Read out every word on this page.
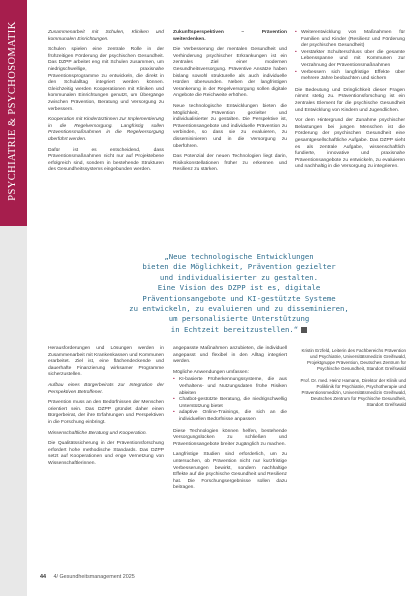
PSYCHIATRIE & PSYCHOSOMATIK	Zusammenarbeit mit Schulen, Kliniken und kommunalen Einrichtungen.

Schulen spielen eine zentrale Rolle in der frühzeitigen Förderung der psychischen Gesundheit. Das DZPP arbeitet eng mit Schulen zusammen, um niedrigschwellige, praxisnahe Präventionsprogramme zu entwickeln, die direkt in den Schulalltag integriert werden können. Gleichzeitig werden Kooperationen mit Kliniken und kommunalen Einrichtungen genutzt, um Übergänge zwischen Prävention, Beratung und Versorgung zu verbessern.

Kooperation mit Kinderärztinnen zur Implementierung in die Regelversorgung. Langfristig sollen Präventionsmaßnahmen in die Regelversorgung überführt werden.

Dafür ist es entscheidend, dass Präventionsmaßnahmen nicht nur auf Projektebene erfolgreich sind, sondern in bestehende Strukturen des Gesundheitssystems eingebunden werden.

Zukunftsperspektiven – Prävention weiterdenken.

Die Verbesserung der mentalen Gesundheit und Verhinderung psychischer Erkrankungen ist ein zentrales Ziel einer modernen Gesundheitsversorgung. Präventive Ansätze haben bislang sowohl strukturelle als auch individuelle Hürden überwunden. Neben der langfristigen Verankerung in der Regelversorgung sollen digitale Angebote die Reichweite erhöhen.

Neue technologische Entwicklungen bieten die Möglichkeit, Prävention gezielter und individualisierter zu gestalten. Die Perspektive ist, Präventionsangebote und individuelle Prävention zu verbinden, so dass sie zu evaluieren, zu dissemininieren und in die Versorgung zu überführen.

Das Potenzial der neuen Technologien liegt darin, Risikokonstellationen früher zu erkennen und Resilienz zu stärken.

• Weiterentwicklung von Maßnahmen für Familien und Kinder (Resilienz und Förderung der psychischen Gesundheit)
• Verstärkter Schulterschluss über die gesamte Lebensspanne und mit Kommunen zur Verzahnung der Präventionsmaßnahmen
• Verbessern sich langfristige Effekte über mehrere Jahre beobachten und sichern

Die Bedeutung und Dringlichkeit dieser Fragen nimmt stetig zu. Präventionsforschung ist ein zentrales Element für die psychische Gesundheit und Entwicklung von Kindern und Jugendlichen.

Vor dem Hintergrund der Zunahme psychischer Belastungen bei jungen Menschen ist die Förderung der psychischen Gesundheit eine gesamtgesellschaftliche Aufgabe. Das DZPP sieht es als zentrale Aufgabe, wissenschaftlich fundierte, innovative und praxisnahe Präventionsangebote zu entwickeln, zu evaluieren und nachhaltig in die Versorgung zu integrieren.

„Neue technologische Entwicklungen
bieten die Möglichkeit, Prävention gezielter
und individualisierter zu gestalten.
Eine Vision des DZPP ist es, digitale
Präventionsangebote und KI-gestützte Systeme
zu entwickeln, zu evaluieren und zu disseminieren,
um personalisierte Unterstützung
in Echtzeit bereitzustellen.“

Herausforderungen und Lösungen werden in Zusammenarbeit mit Krankenkassen und Kommunen erarbeitet. Ziel ist, eine flächendeckende und dauerhafte Finanzierung wirksamer Programme sicherzustellen.

Aufbau eines Bürgerbeirats zur Integration der Perspektiven Betroffener.

Prävention muss an den Bedürfnissen der Menschen orientiert sein. Das DZPP gründet daher einen Bürgerbeirat, der ihre Erfahrungen und Perspektiven in die Forschung einbringt.

Wissenschaftliche Beratung und Kooperation.

Die Qualitätssicherung in der Präventionsforschung erfordert hohe methodische Standards. Das DZPP setzt auf Kooperationen und enge Vernetzung von Wissenschaftlerinnen.

angepasste Maßnahmen anzubieten, die individuell angepasst und flexibel in den Alltag integriert werden.

Mögliche Anwendungen umfassen:

• KI-basierte Früherkennungssysteme, die aus Verhaltens- und Nutzungsdaten frühe Risiken ableiten
• Chatbot-gestützte Beratung, die niedrigschwellig Unterstützung bietet
• adaptive Online-Trainings, die sich an die individuellen Bedürfnisse anpassen

Diese Technologien können helfen, bestehende Versorgungslücken zu schließen und Präventionsangebote breiter zugänglich zu machen.

Langfristige Studien sind erforderlich, um zu untersuchen, ob Prävention nicht nur kurzfristige Verbesserungen bewirkt, sondern nachhaltige Effekte auf die psychische Gesundheit und Resilienz hat. Die Forschungsergebnisse sollen dazu beitragen.

Kristin Erzfeld, Leiterin des Fachbereichs Prävention und Psychiatrie, Universitätsmedizin Greifswald, Projektgruppe Prävention, Deutsches Zentrum für Psychische Gesundheit, Standort Greifswald

Prof. Dr. med. Heinz Hamann, Direktor der Klinik und Poliklinik für Psychiatrie, Psychotherapie und Präventionsmedizin, Universitätsmedizin Greifswald, Deutsches Zentrum für Psychische Gesundheit, Standort Greifswald

44 4/ Gesundheitsmanagement 2025
